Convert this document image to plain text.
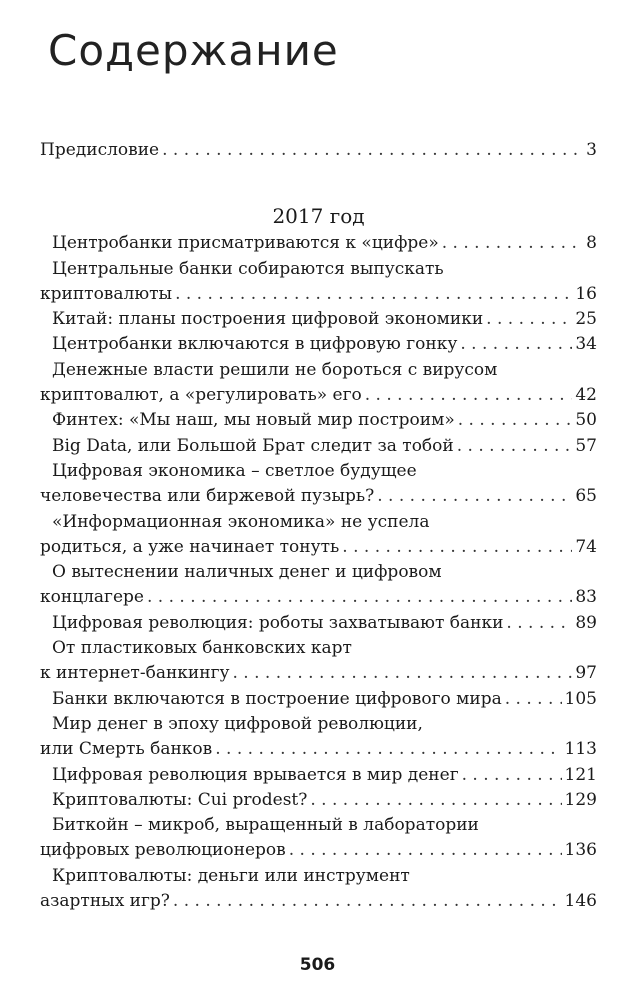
Содержание
Предисловие . . .	3
2017 год
Центробанки присматриваются к «цифре» . . .	8
Центральные банки собираются выпускать
криптовалюты . . .	16
Китай: планы построения цифровой экономики . . .	25
Центробанки включаются в цифровую гонку . . .	34
Денежные власти решили не бороться с вирусом
криптовалют, а «регулировать» его . . .	42
Финтех: «Мы наш, мы новый мир построим» . . .	50
Big Data, или Большой Брат следит за тобой . . .	57
Цифровая экономика – светлое будущее
человечества или биржевой пузырь? . . .	65
«Информационная экономика» не успела
родиться, а уже начинает тонуть . . .	74
О вытеснении наличных денег и цифровом
концлагере . . .	83
Цифровая революция: роботы захватывают банки . . .	89
От пластиковых банковских карт
к интернет-банкингу . . .	97
Банки включаются в построение цифрового мира . . .	105
Мир денег в эпоху цифровой революции,
или Смерть банков . . .	113
Цифровая революция врывается в мир денег . . .	121
Криптовалюты: Cui prodest? . . .	129
Биткойн – микроб, выращенный в лаборатории
цифровых революционеров . . .	136
Криптовалюты: деньги или инструмент
азартных игр? . . .	146
506
